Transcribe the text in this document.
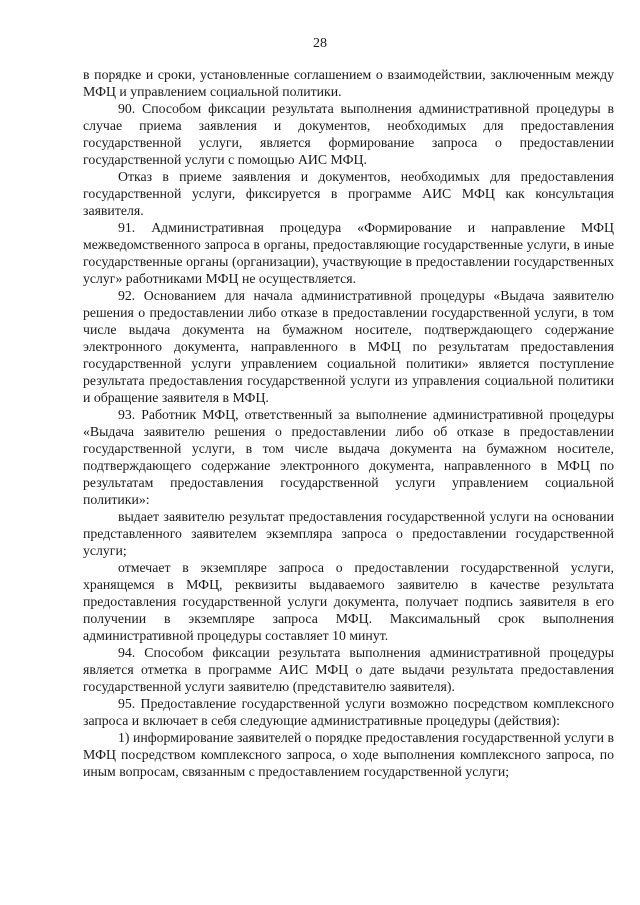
28

в порядке и сроки, установленные соглашением о взаимодействии, заключенным между МФЦ и управлением социальной политики.

90. Способом фиксации результата выполнения административной процедуры в случае приема заявления и документов, необходимых для предоставления государственной услуги, является формирование запроса о предоставлении государственной услуги с помощью АИС МФЦ.

Отказ в приеме заявления и документов, необходимых для предоставления государственной услуги, фиксируется в программе АИС МФЦ как консультация заявителя.

91. Административная процедура «Формирование и направление МФЦ межведомственного запроса в органы, предоставляющие государственные услуги, в иные государственные органы (организации), участвующие в предоставлении государственных услуг» работниками МФЦ не осуществляется.

92. Основанием для начала административной процедуры «Выдача заявителю решения о предоставлении либо отказе в предоставлении государственной услуги, в том числе выдача документа на бумажном носителе, подтверждающего содержание электронного документа, направленного в МФЦ по результатам предоставления государственной услуги управлением социальной политики» является поступление результата предоставления государственной услуги из управления социальной политики и обращение заявителя в МФЦ.

93. Работник МФЦ, ответственный за выполнение административной процедуры «Выдача заявителю решения о предоставлении либо об отказе в предоставлении государственной услуги, в том числе выдача документа на бумажном носителе, подтверждающего содержание электронного документа, направленного в МФЦ по результатам предоставления государственной услуги управлением социальной политики»:

выдает заявителю результат предоставления государственной услуги на основании представленного заявителем экземпляра запроса о предоставлении государственной услуги;

отмечает в экземпляре запроса о предоставлении государственной услуги, хранящемся в МФЦ, реквизиты выдаваемого заявителю в качестве результата предоставления государственной услуги документа, получает подпись заявителя в его получении в экземпляре запроса МФЦ. Максимальный срок выполнения административной процедуры составляет 10 минут.

94. Способом фиксации результата выполнения административной процедуры является отметка в программе АИС МФЦ о дате выдачи результата предоставления государственной услуги заявителю (представителю заявителя).

95. Предоставление государственной услуги возможно посредством комплексного запроса и включает в себя следующие административные процедуры (действия):

1) информирование заявителей о порядке предоставления государственной услуги в МФЦ посредством комплексного запроса, о ходе выполнения комплексного запроса, по иным вопросам, связанным с предоставлением государственной услуги;
